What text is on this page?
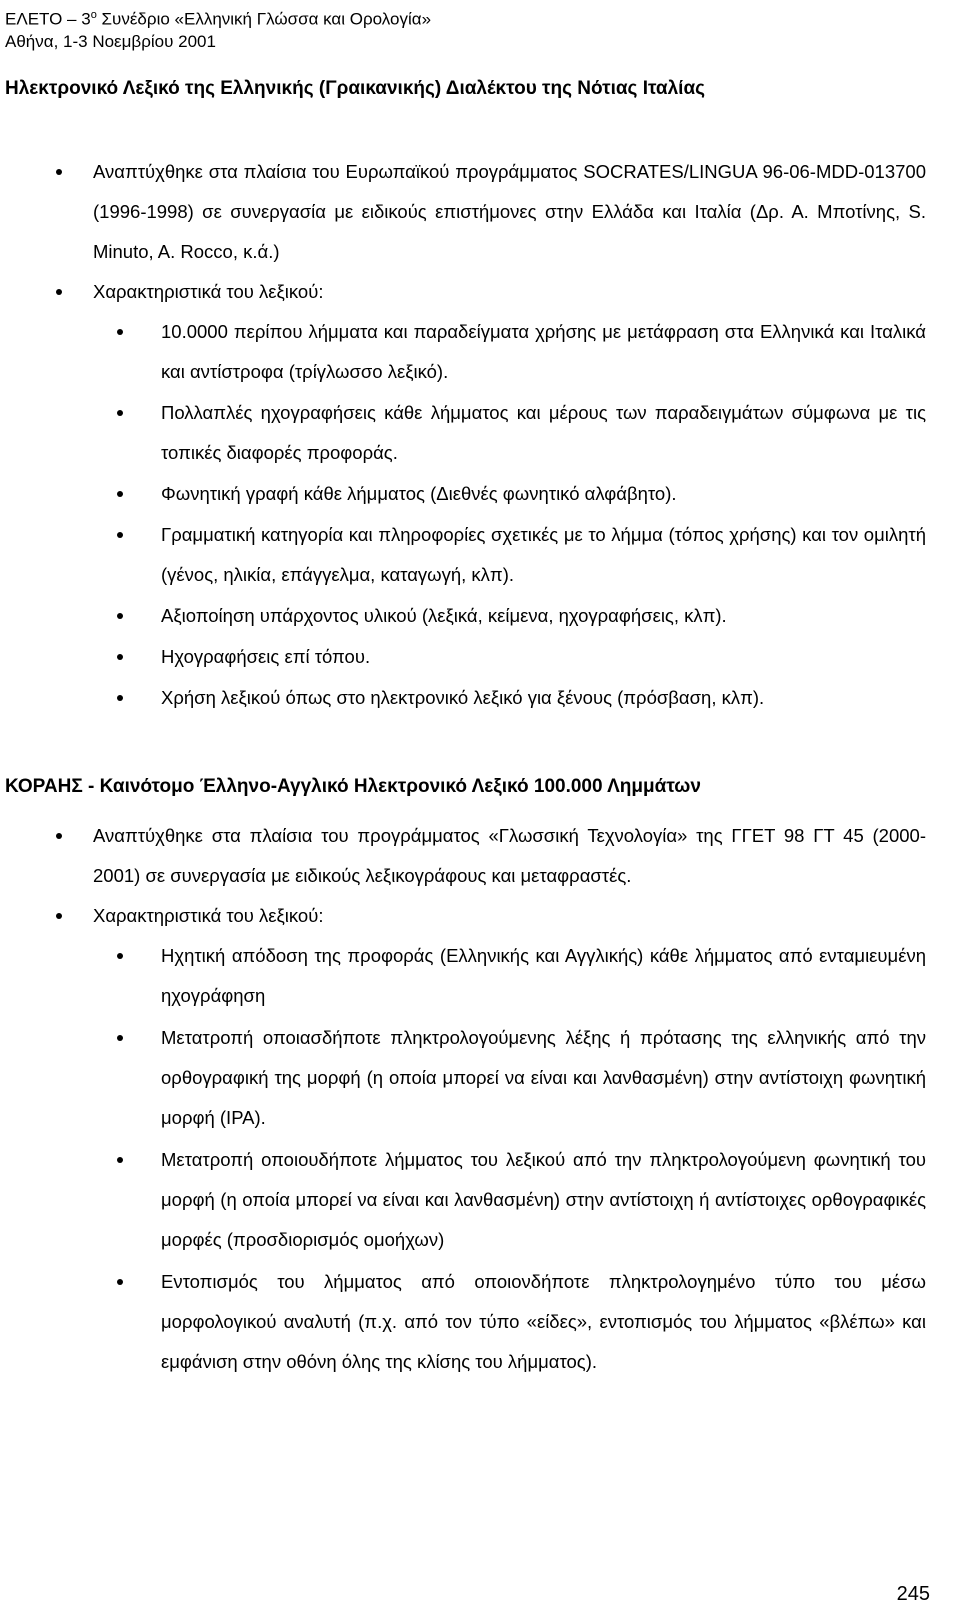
ΕΛΕΤΟ – $3^o$ Συνέδριο «Ελληνική Γλώσσα και Ορολογία»
Αθήνα, 1-3 Νοεμβρίου 2001
Ηλεκτρονικό Λεξικό της Ελληνικής (Γραικανικής) Διαλέκτου της Νότιας Ιταλίας
Αναπτύχθηκε στα πλαίσια του Ευρωπαϊκού προγράμματος SOCRATES/LINGUA 96-06-MDD-013700 (1996-1998) σε συνεργασία με ειδικούς επιστήμονες στην Ελλάδα και Ιταλία (Δρ. Α. Μποτίνης, S. Minuto, A. Rocco, κ.ά.)
Χαρακτηριστικά του λεξικού:
10.0000 περίπου λήμματα και παραδείγματα χρήσης με μετάφραση στα Ελληνικά και Ιταλικά και αντίστροφα (τρίγλωσσο λεξικό).
Πολλαπλές ηχογραφήσεις κάθε λήμματος και μέρους των παραδειγμάτων σύμφωνα με τις τοπικές διαφορές προφοράς.
Φωνητική γραφή κάθε λήμματος (Διεθνές φωνητικό αλφάβητο).
Γραμματική κατηγορία και πληροφορίες σχετικές με το λήμμα (τόπος χρήσης) και τον ομιλητή (γένος, ηλικία, επάγγελμα, καταγωγή, κλπ).
Αξιοποίηση υπάρχοντος υλικού (λεξικά, κείμενα, ηχογραφήσεις, κλπ).
Ηχογραφήσεις επί τόπου.
Χρήση λεξικού όπως στο ηλεκτρονικό λεξικό για ξένους (πρόσβαση, κλπ).
ΚΟΡΑΗΣ - Καινότομο Έλληνο-Αγγλικό Ηλεκτρονικό Λεξικό 100.000 Λημμάτων
Αναπτύχθηκε στα πλαίσια του προγράμματος «Γλωσσική Τεχνολογία» της ΓΓΕΤ 98 ΓΤ 45 (2000-2001) σε συνεργασία με ειδικούς λεξικογράφους και μεταφραστές.
Χαρακτηριστικά του λεξικού:
Ηχητική απόδοση της προφοράς (Ελληνικής και Αγγλικής) κάθε λήμματος από ενταμιευμένη ηχογράφηση
Μετατροπή οποιασδήποτε πληκτρολογούμενης λέξης ή πρότασης της ελληνικής από την ορθογραφική της μορφή (η οποία μπορεί να είναι και λανθασμένη) στην αντίστοιχη φωνητική μορφή (IPA).
Μετατροπή οποιουδήποτε λήμματος του λεξικού από την πληκτρολογούμενη φωνητική του μορφή (η οποία μπορεί να είναι και λανθασμένη) στην αντίστοιχη ή αντίστοιχες ορθογραφικές μορφές (προσδιορισμός ομοήχων)
Εντοπισμός του λήμματος από οποιονδήποτε πληκτρολογημένο τύπο του μέσω μορφολογικού αναλυτή (π.χ. από τον τύπο «είδες», εντοπισμός του λήμματος «βλέπω» και εμφάνιση στην οθόνη όλης της κλίσης του λήμματος).
245
